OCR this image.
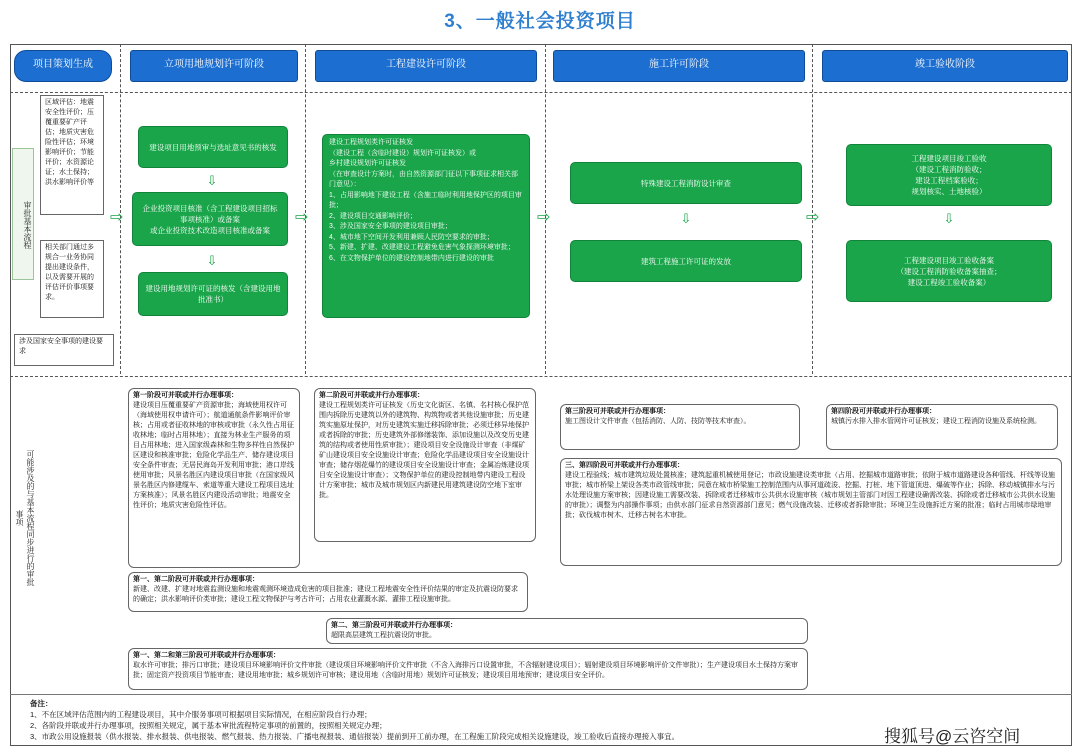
3、一般社会投资项目
项目策划生成	立项用地规划许可阶段	工程建设许可阶段	施工许可阶段	竣工验收阶段
审批基本流程
可能涉及的与基本流程同步进行的审批事项
区域评估：地震安全性评价；压覆重要矿产评估；地质灾害危险性评估；环境影响评价；节能评价；水资源论证；水土保持；洪水影响评价等
相关部门通过多规合一业务协同提出建设条件，以及需要开展的评估评价事项要求。
涉及国家安全事项的建设要求
⇨	⇨	⇨	⇨
建设项目用地预审与选址意见书的核发
⇩
企业投资项目核准（含工程建设项目招标事项核准）或备案
或企业投资技术改造项目核准或备案
⇩
建设用地规划许可证的核发（含建设用地批准书）
建设工程规划类许可证核发
（建设工程（含临时建设）规划许可证核发）或
乡村建设规划许可证核发
（在审查设计方案时，由自然资源部门征以下事项征求相关部门意见）：
1、占用影响地下建设工程（含施工临时利用地保护区的项目审批；
2、建设项目交通影响评价；
3、涉及国家安全事项的建设项目审批；
4、城市地下空间开发利用兼顾人民防空要求的审批；
5、新建、扩建、改建建设工程避免危害气象探测环境审批；
6、在文物保护单位的建设控制地带内进行建设的审批
特殊建设工程消防设计审查
⇩
建筑工程施工许可证的发放
工程建设项目竣工验收
（建设工程消防验收；
建设工程档案验收；
规划核实、土地核验）
⇩
工程建设项目竣工验收备案
（建设工程消防验收备案抽查；
建设工程竣工验收备案）
第一阶段可并联或并行办理事项：
建设项目压覆重要矿产资源审批；海域使用权许可（海域使用权申请许可）；航道通航条件影响评价审核；占用或者征收林地的审核或审批（永久性占用征收林地；临时占用林地）；直接为林业生产服务的项目占用林地；进入国家级森林和生物多样性自然保护区建设和核准审批；危险化学品生产、储存建设项目安全条件审查；无居民海岛开发利用审批；港口岸线使用审批；风景名胜区内建设项目审批（在国家级风景名胜区内修建缆车、索道等重大建设工程项目选址方案核准）；风景名胜区内建设活动审批；地震安全性评价；地质灾害危险性评估。
第二阶段可并联或并行办理事项：
建设工程规划类许可证核发（历史文化街区、名镇、名村核心保护范围内拆除历史建筑以外的建筑物、构筑物或者其他设施审批；历史建筑实施原址保护，对历史建筑实施迁移拆除审批；必须迁移异地保护或者拆除的审批；历史建筑外部修缮装饰、添加设施以及改变历史建筑的结构或者使用性质审批）；建设项目安全设施设计审查（非煤矿矿山建设项目安全设施设计审查；危险化学品建设项目安全设施设计审查；储存烟花爆竹的建设项目安全设施设计审查；金属冶炼建设项目安全设施设计审查）；文物保护单位的建设控制地带内建设工程设计方案审批；城市及城市规划区内新建民用建筑建设防空地下室审批。
第三阶段可并联或并行办理事项：
施工图设计文件审查（包括消防、人防、技防等技术审查）。
第四阶段可并联或并行办理事项：
城镇污水排入排水管网许可证核发；建设工程消防设施及系统检测。
三、第四阶段可并联或并行办理事项：
建设工程验线；城市建筑垃圾处置核准；建筑起重机械使用登记；市政设施建设类审批（占用、挖掘城市道路审批；依附于城市道路建设各种管线、杆线等设施审批；城市桥梁上架设各类市政管线审批；同意在城市桥梁施工控制范围内从事河道疏浚、挖掘、打桩、地下管道顶进、爆破等作业；拆除、移动城镇排水与污水处理设施方案审核；因建设施工需要改装、拆除或者迁移城市公共供水设施审核（城市规划主管部门对因工程建设确需改装、拆除或者迁移城市公共供水设施的审批）；调整为内部操作事项；由供水部门征求自然资源部门意见；燃气设施改装、迁移或者拆除审批；环境卫生设施拆迁方案的批准；临时占用城市绿地审批；砍伐城市树木、迁移古树名木审批。
第一、第二阶段可并联或并行办理事项：
新建、改建、扩建对地震监测设施和地震观测环境造成危害的项目批准；建设工程地震安全性评价结果的审定及抗震设防要求的确定；洪水影响评价类审批；建设工程文物保护与考古许可；占用农业灌溉水源、灌排工程设施审批。
第二、第三阶段可并联或并行办理事项：
超限高层建筑工程抗震设防审批。
第一、第二和第三阶段可并联或并行办理事项：
取水许可审批；排污口审批；建设项目环境影响评价文件审批（建设项目环境影响评价文件审批（不含入海排污口设置审批，不含辐射建设项目）；辐射建设项目环境影响评价文件审批）；生产建设项目水土保持方案审批；固定资产投资项目节能审查；建设用地审批；城乡规划许可审核；建设用地（含临时用地）规划许可证核发；建设项目用地预审；建设项目安全评价。
备注：
1、不在区域评估范围内的工程建设项目，其中介服务事项可根据项目实际情况，在相应阶段自行办理；
2、各阶段并联或并行办理事项，按照相关规定，属于基本审批流程特定事项的前置的，按照相关规定办理；
3、市政公用设施报装（供水报装、排水报装、供电报装、燃气报装、热力报装、广播电视报装、通信报装）提前到开工前办理，在工程施工阶段完成相关设施建设，竣工验收后直接办理接入事宜。	搜狐号@云咨空间
